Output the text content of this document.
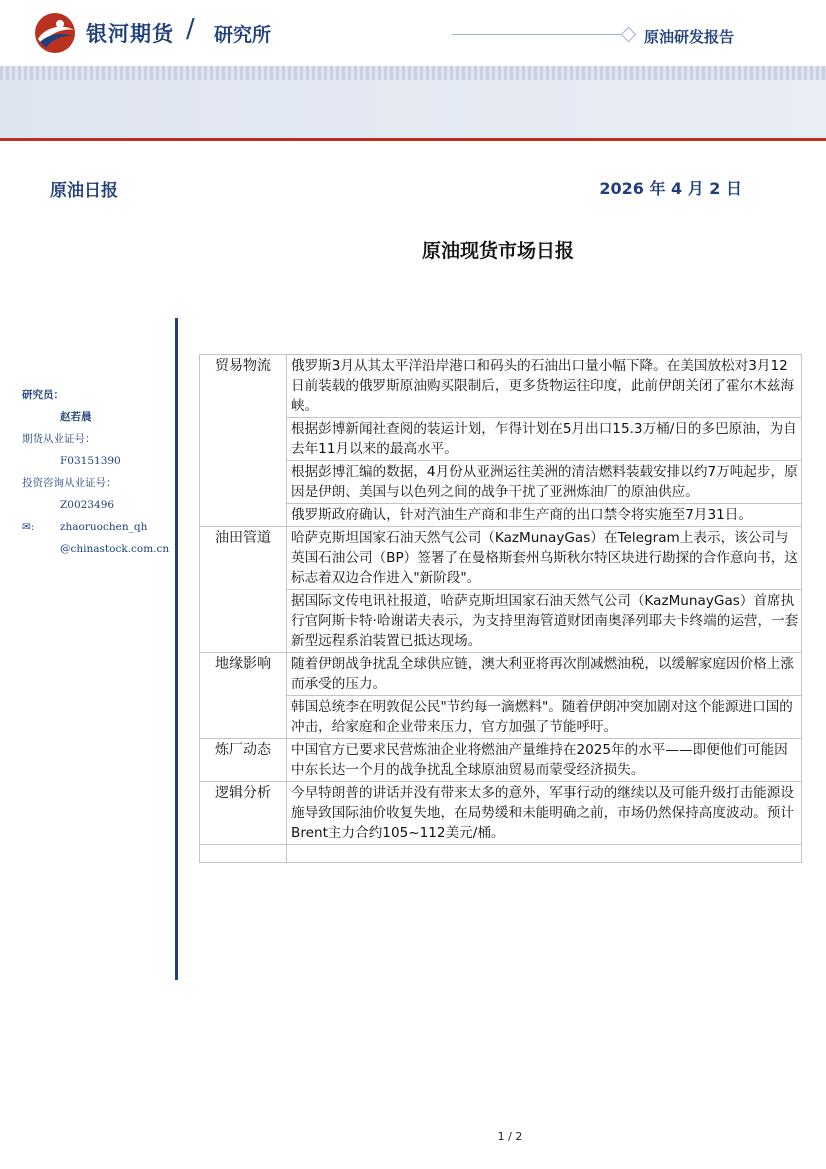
银河期货 / 研究所	原油研发报告
原油日报	2026 年 4 月 2 日
原油现货市场日报
研究员：
赵若晨
期货从业证号：
F03151390
投资咨询从业证号：
Z0023496
✉: zhaoruochen_qh
@chinastock.com.cn
贸易物流	俄罗斯3月从其太平洋沿岸港口和码头的石油出口量小幅下降。在美国放松对3月12日前装载的俄罗斯原油购买限制后，更多货物运往印度，此前伊朗关闭了霍尔木兹海峡。
	根据彭博新闻社查阅的装运计划，乍得计划在5月出口15.3万桶/日的多巴原油，为自去年11月以来的最高水平。
	根据彭博汇编的数据，4月份从亚洲运往美洲的清洁燃料装载安排以约7万吨起步，原因是伊朗、美国与以色列之间的战争干扰了亚洲炼油厂的原油供应。
	俄罗斯政府确认，针对汽油生产商和非生产商的出口禁令将实施至7月31日。
油田管道	哈萨克斯坦国家石油天然气公司（KazMunayGas）在Telegram上表示，该公司与英国石油公司（BP）签署了在曼格斯套州乌斯秋尔特区块进行勘探的合作意向书，这标志着双边合作进入"新阶段"。
	据国际文传电讯社报道，哈萨克斯坦国家石油天然气公司（KazMunayGas）首席执行官阿斯卡特·哈谢诺夫表示，为支持里海管道财团南奥泽列耶夫卡终端的运营，一套新型远程系泊装置已抵达现场。
地缘影响	随着伊朗战争扰乱全球供应链，澳大利亚将再次削减燃油税，以缓解家庭因价格上涨而承受的压力。
	韩国总统李在明敦促公民"节约每一滴燃料"。随着伊朗冲突加剧对这个能源进口国的冲击，给家庭和企业带来压力，官方加强了节能呼吁。
炼厂动态	中国官方已要求民营炼油企业将燃油产量维持在2025年的水平——即便他们可能因中东长达一个月的战争扰乱全球原油贸易而蒙受经济损失。
逻辑分析	今早特朗普的讲话并没有带来太多的意外，军事行动的继续以及可能升级打击能源设施导致国际油价收复失地，在局势缓和未能明确之前，市场仍然保持高度波动。预计Brent主力合约105~112美元/桶。

1 / 2
